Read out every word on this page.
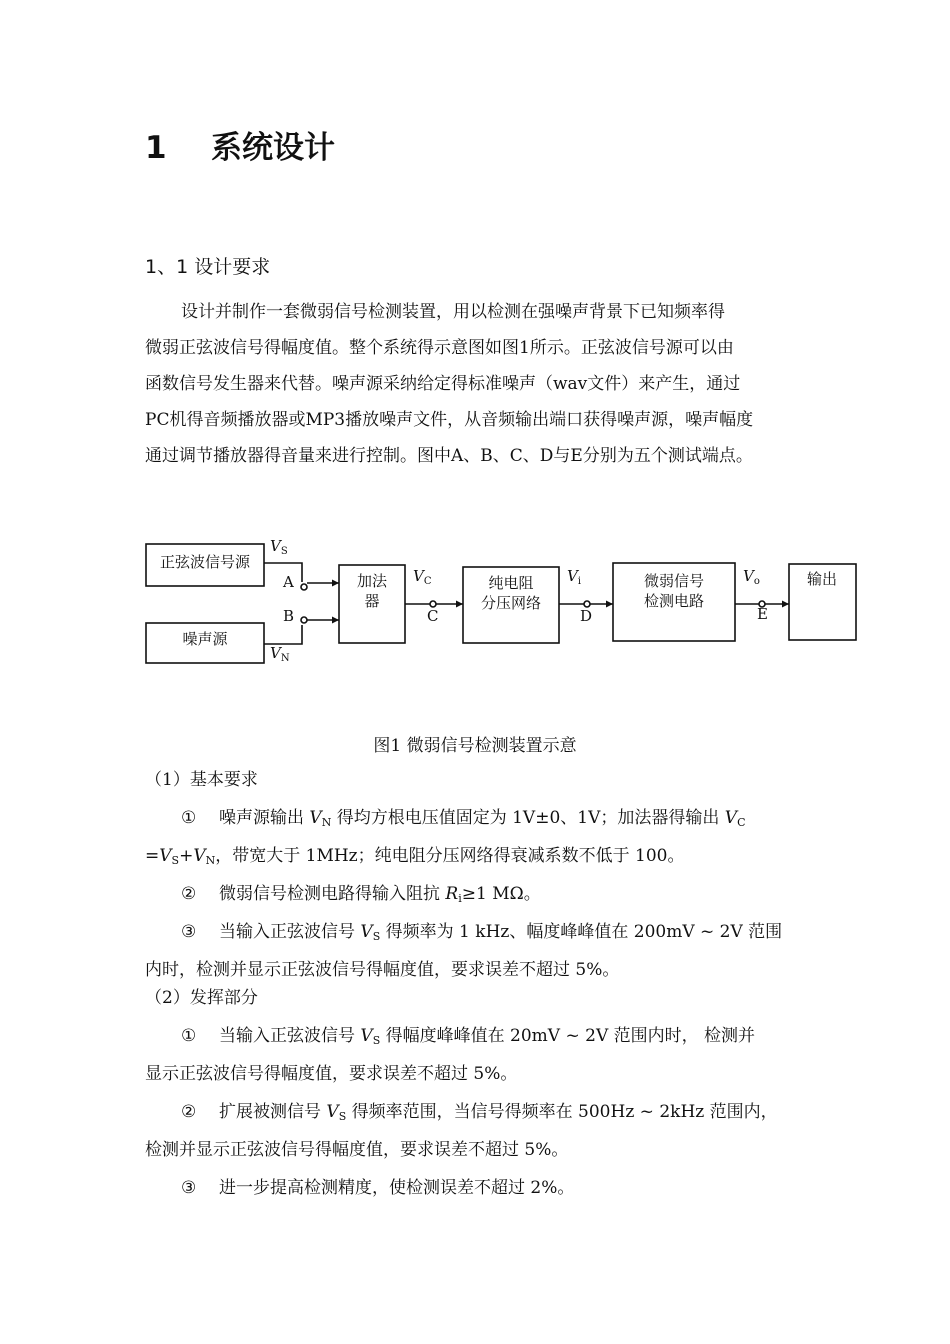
1 系统设计
1、1 设计要求
设计并制作一套微弱信号检测装置，用以检测在强噪声背景下已知频率得
微弱正弦波信号得幅度值。整个系统得示意图如图1所示。正弦波信号源可以由
函数信号发生器来代替。噪声源采纳给定得标准噪声（wav文件）来产生，通过
PC机得音频播放器或MP3播放噪声文件，从音频输出端口获得噪声源，噪声幅度
通过调节播放器得音量来进行控制。图中A、B、C、D与E分别为五个测试端点。
正弦波信号源
噪声源
加法
器
纯电阻
分压网络
微弱信号
检测电路
输出
A
B	C	D	E
$V_S$
$V_N$
$V_C$	$V_i$	$V_o$
图1 微弱信号检测装置示意
（1）基本要求
① 噪声源输出 VN 得均方根电压值固定为 1V±0、1V；加法器得输出 VC
=VS+VN，带宽大于 1MHz；纯电阻分压网络得衰减系数不低于 100。
② 微弱信号检测电路得输入阻抗 Ri≥1 MΩ。
③ 当输入正弦波信号 VS 得频率为 1 kHz、幅度峰峰值在 200mV ~ 2V 范围
内时，检测并显示正弦波信号得幅度值，要求误差不超过 5%。
（2）发挥部分
① 当输入正弦波信号 VS 得幅度峰峰值在 20mV ~ 2V 范围内时， 检测并
显示正弦波信号得幅度值，要求误差不超过 5%。
② 扩展被测信号 VS 得频率范围，当信号得频率在 500Hz ~ 2kHz 范围内，
检测并显示正弦波信号得幅度值，要求误差不超过 5%。
③ 进一步提高检测精度，使检测误差不超过 2%。
